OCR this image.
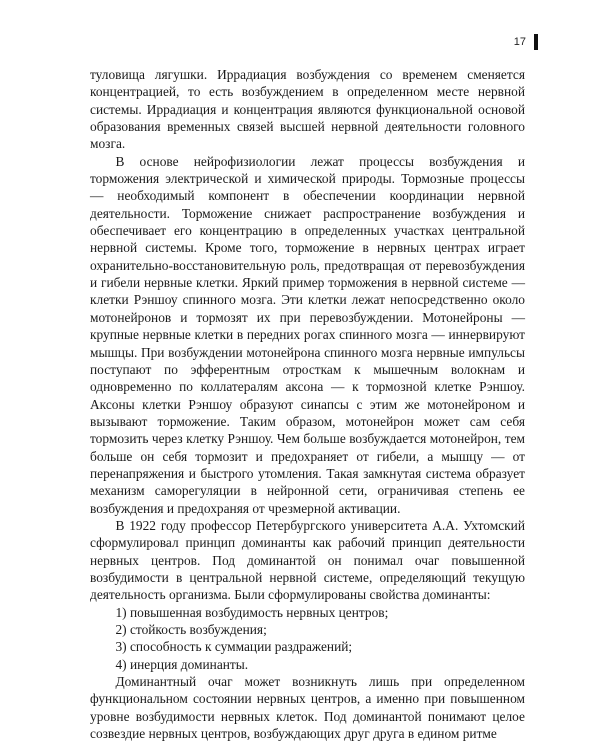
17

туловища лягушки. Иррадиация возбуждения со временем сменяется концентрацией, то есть возбуждением в определенном месте нервной системы. Иррадиация и концентрация являются функциональной основой образования временных связей высшей нервной деятельности головного мозга.

В основе нейрофизиологии лежат процессы возбуждения и торможения электрической и химической природы. Тормозные процессы — необходимый компонент в обеспечении координации нервной деятельности. Торможение снижает распространение возбуждения и обеспечивает его концентрацию в определенных участках центральной нервной системы. Кроме того, торможение в нервных центрах играет охранительно-восстановительную роль, предотвращая от перевозбуждения и гибели нервные клетки. Яркий пример торможения в нервной системе — клетки Рэншоу спинного мозга. Эти клетки лежат непосредственно около мотонейронов и тормозят их при перевозбуждении. Мотонейроны — крупные нервные клетки в передних рогах спинного мозга — иннервируют мышцы. При возбуждении мотонейрона спинного мозга нервные импульсы поступают по эфферентным отросткам к мышечным волокнам и одновременно по коллатералям аксона — к тормозной клетке Рэншоу. Аксоны клетки Рэншоу образуют синапсы с этим же мотонейроном и вызывают торможение. Таким образом, мотонейрон может сам себя тормозить через клетку Рэншоу. Чем больше возбуждается мотонейрон, тем больше он себя тормозит и предохраняет от гибели, а мышцу — от перенапряжения и быстрого утомления. Такая замкнутая система образует механизм саморегуляции в нейронной сети, ограничивая степень ее возбуждения и предохраняя от чрезмерной активации.

В 1922 году профессор Петербургского университета А.А. Ухтомский сформулировал принцип доминанты как рабочий принцип деятельности нервных центров. Под доминантой он понимал очаг повышенной возбудимости в центральной нервной системе, определяющий текущую деятельность организма. Были сформулированы свойства доминанты:

1) повышенная возбудимость нервных центров;

2) стойкость возбуждения;

3) способность к суммации раздражений;

4) инерция доминанты.

Доминантный очаг может возникнуть лишь при определенном функциональном состоянии нервных центров, а именно при повышенном уровне возбудимости нервных клеток. Под доминантой понимают целое созвездие нервных центров, возбуждающих друг друга в едином ритме
